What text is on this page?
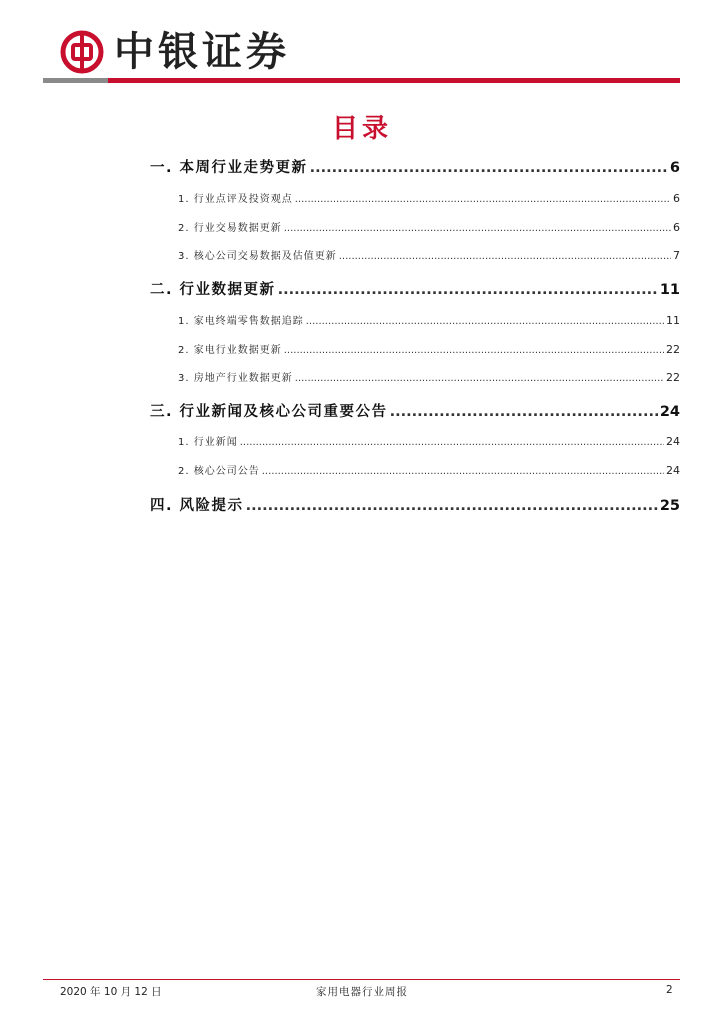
中银证券
目录
一. 本周行业走势更新 .....	6
1. 行业点评及投资观点 .....	6
2. 行业交易数据更新 .....	6
3. 核心公司交易数据及估值更新 .....	7
二. 行业数据更新 .....	11
1. 家电终端零售数据追踪 .....	11
2. 家电行业数据更新 .....	22
3. 房地产行业数据更新 .....	22
三. 行业新闻及核心公司重要公告 .....	24
1. 行业新闻 .....	24
2. 核心公司公告 .....	24
四. 风险提示 .....	25
2020 年 10 月 12 日	家用电器行业周报	2
